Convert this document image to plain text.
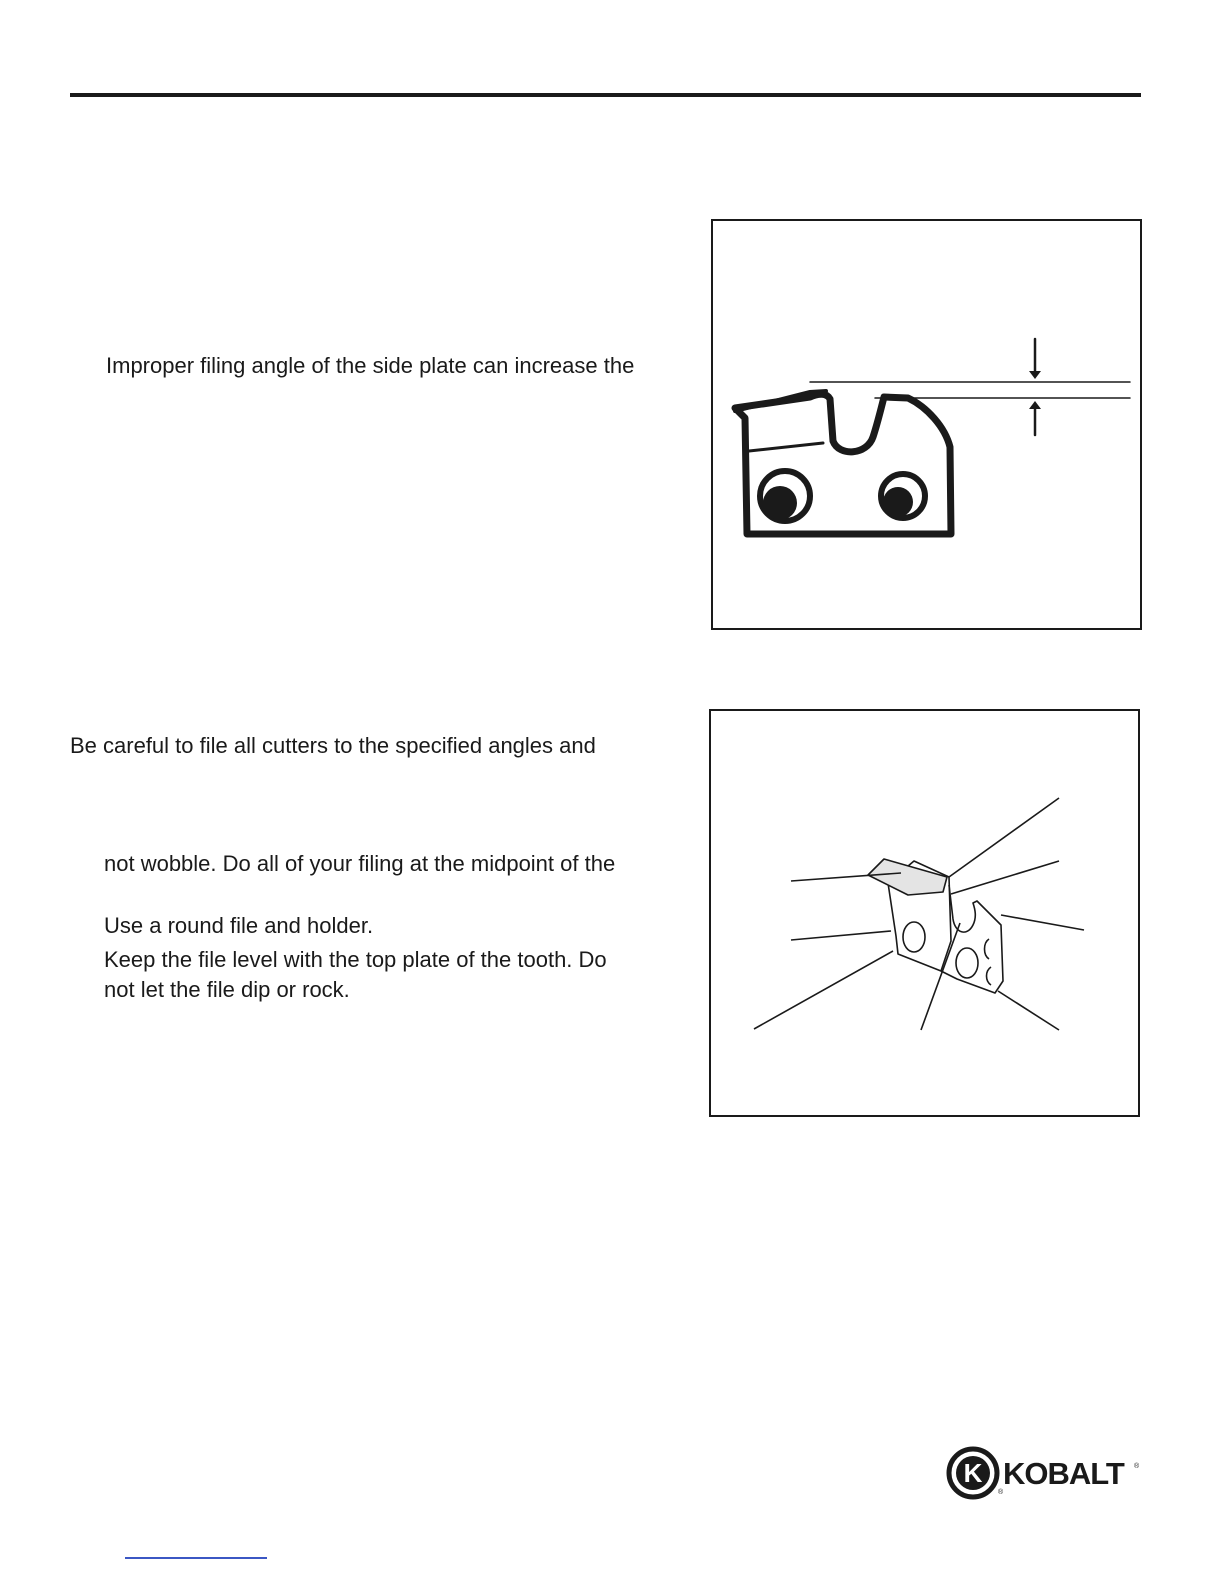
Improper filing angle of the side plate can increase the
Be careful to file all cutters to the specified angles and
not wobble. Do all of your filing at the midpoint of the
Use a round file and holder.
Keep the file level with the top plate of the tooth. Do
not let the file dip or rock.
K
®
KOBALT ®
